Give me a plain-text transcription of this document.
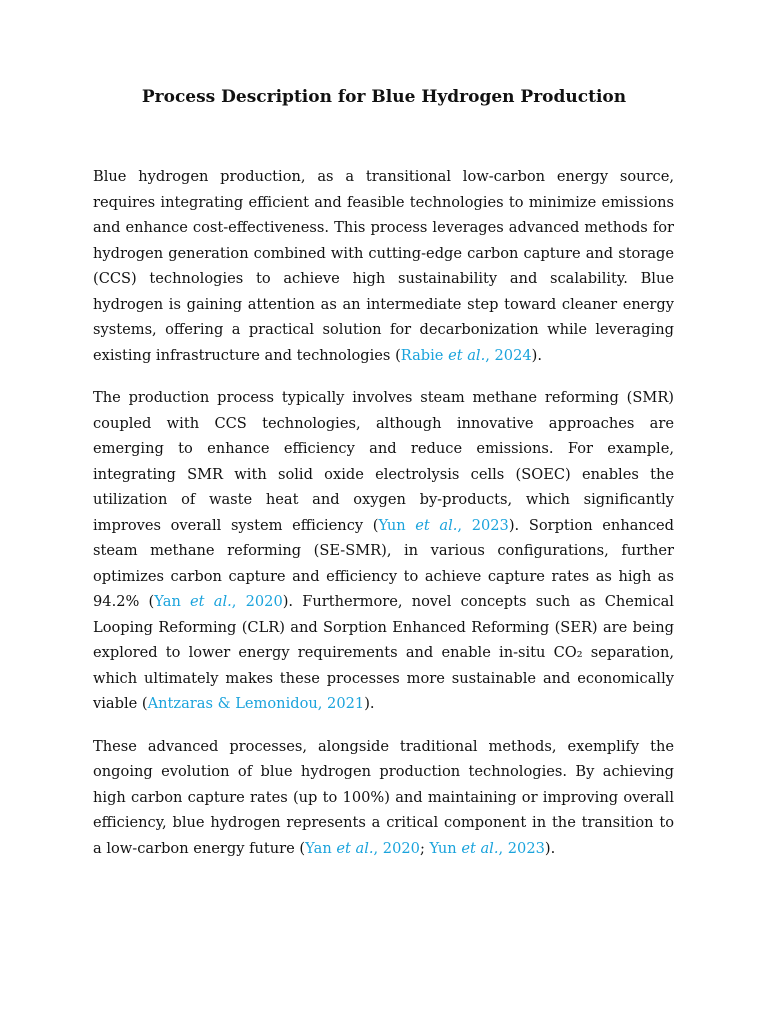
Process Description for Blue Hydrogen Production

Blue hydrogen production, as a transitional low-carbon energy source, requires integrating efficient and feasible technologies to minimize emissions and enhance cost-effectiveness. This process leverages advanced methods for hydrogen generation combined with cutting-edge carbon capture and storage (CCS) technologies to achieve high sustainability and scalability. Blue hydrogen is gaining attention as an intermediate step toward cleaner energy systems, offering a practical solution for decarbonization while leveraging existing infrastructure and technologies (Rabie et al., 2024).

The production process typically involves steam methane reforming (SMR) coupled with CCS technologies, although innovative approaches are emerging to enhance efficiency and reduce emissions. For example, integrating SMR with solid oxide electrolysis cells (SOEC) enables the utilization of waste heat and oxygen by-products, which significantly improves overall system efficiency (Yun et al., 2023). Sorption enhanced steam methane reforming (SE-SMR), in various configurations, further optimizes carbon capture and efficiency to achieve capture rates as high as 94.2% (Yan et al., 2020). Furthermore, novel concepts such as Chemical Looping Reforming (CLR) and Sorption Enhanced Reforming (SER) are being explored to lower energy requirements and enable in-situ CO₂ separation, which ultimately makes these processes more sustainable and economically viable (Antzaras & Lemonidou, 2021).

These advanced processes, alongside traditional methods, exemplify the ongoing evolution of blue hydrogen production technologies. By achieving high carbon capture rates (up to 100%) and maintaining or improving overall efficiency, blue hydrogen represents a critical component in the transition to a low-carbon energy future (Yan et al., 2020; Yun et al., 2023).
